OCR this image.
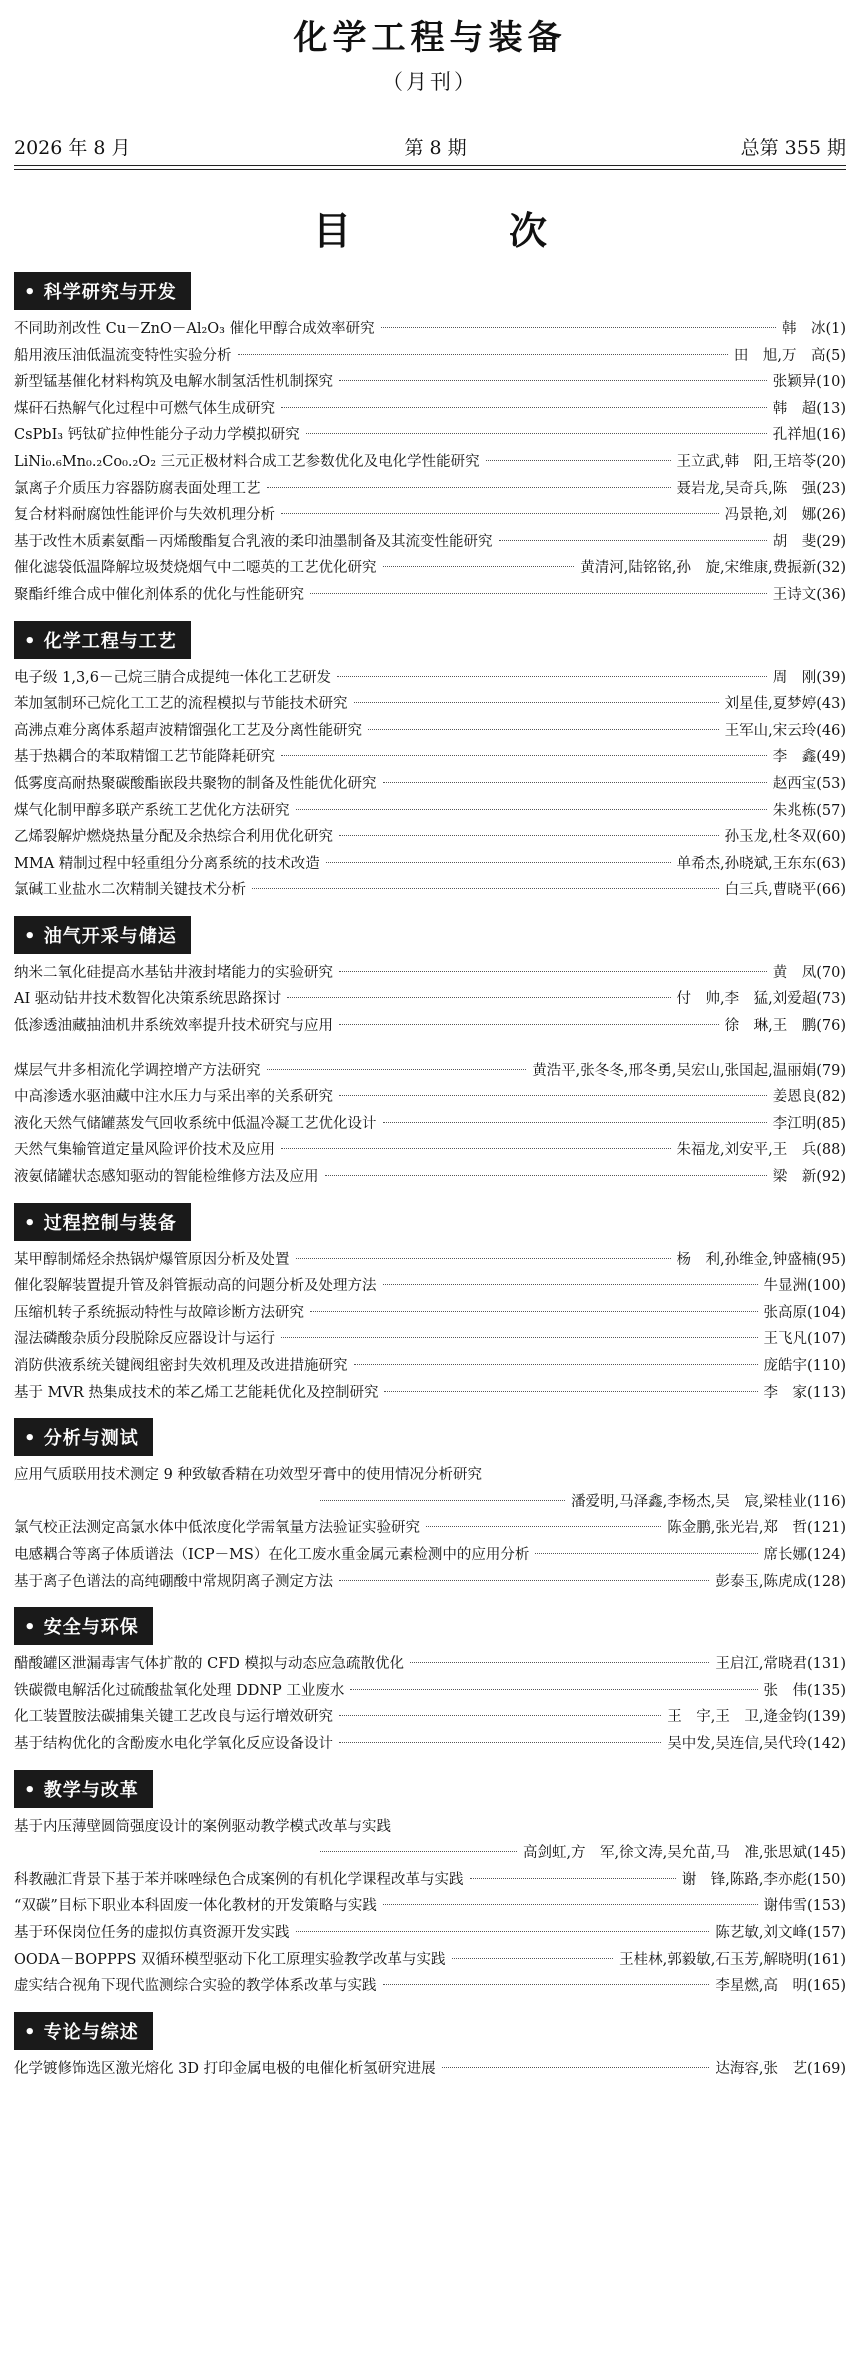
化学工程与装备
（月刊）
2026 年 8 月	第 8 期	总第 355 期
目　次
• 科学研究与开发
不同助剂改性 Cu－ZnO－Al₂O₃ 催化甲醇合成效率研究	韩　冰(1)
船用液压油低温流变特性实验分析	田　旭,万　高(5)
新型锰基催化材料构筑及电解水制氢活性机制探究	张颖异(10)
煤矸石热解气化过程中可燃气体生成研究	韩　超(13)
CsPbI₃ 钙钛矿拉伸性能分子动力学模拟研究	孔祥旭(16)
LiNi₀.₆Mn₀.₂Co₀.₂O₂ 三元正极材料合成工艺参数优化及电化学性能研究	王立武,韩　阳,王培苓(20)
氯离子介质压力容器防腐表面处理工艺	聂岩龙,吴奇兵,陈　强(23)
复合材料耐腐蚀性能评价与失效机理分析	冯景艳,刘　娜(26)
基于改性木质素氨酯－丙烯酸酯复合乳液的柔印油墨制备及其流变性能研究	胡　斐(29)
催化滤袋低温降解垃圾焚烧烟气中二噁英的工艺优化研究	黄清河,陆铭铭,孙　旋,宋维康,费振新(32)
聚酯纤维合成中催化剂体系的优化与性能研究	王诗文(36)
• 化学工程与工艺
电子级 1,3,6－己烷三腈合成提纯一体化工艺研发	周　刚(39)
苯加氢制环己烷化工工艺的流程模拟与节能技术研究	刘星佳,夏梦婷(43)
高沸点难分离体系超声波精馏强化工艺及分离性能研究	王军山,宋云玲(46)
基于热耦合的苯取精馏工艺节能降耗研究	李　鑫(49)
低雾度高耐热聚碳酸酯嵌段共聚物的制备及性能优化研究	赵西宝(53)
煤气化制甲醇多联产系统工艺优化方法研究	朱兆栋(57)
乙烯裂解炉燃烧热量分配及余热综合利用优化研究	孙玉龙,杜冬双(60)
MMA 精制过程中轻重组分分离系统的技术改造	单希杰,孙晓斌,王东东(63)
氯碱工业盐水二次精制关键技术分析	白三兵,曹晓平(66)
• 油气开采与储运
纳米二氧化硅提高水基钻井液封堵能力的实验研究	黄　凤(70)
AI 驱动钻井技术数智化决策系统思路探讨	付　帅,李　猛,刘爱超(73)
低渗透油藏抽油机井系统效率提升技术研究与应用	徐　琳,王　鹏(76)
煤层气井多相流化学调控增产方法研究	黄浩平,张冬冬,邢冬勇,吴宏山,张国起,温丽娟(79)
中高渗透水驱油藏中注水压力与采出率的关系研究	姜恩良(82)
液化天然气储罐蒸发气回收系统中低温冷凝工艺优化设计	李江明(85)
天然气集输管道定量风险评价技术及应用	朱福龙,刘安平,王　兵(88)
液氨储罐状态感知驱动的智能检维修方法及应用	梁　新(92)
• 过程控制与装备
某甲醇制烯烃余热锅炉爆管原因分析及处置	杨　利,孙维金,钟盛楠(95)
催化裂解装置提升管及斜管振动高的问题分析及处理方法	牛显洲(100)
压缩机转子系统振动特性与故障诊断方法研究	张高原(104)
湿法磷酸杂质分段脱除反应器设计与运行	王飞凡(107)
消防供液系统关键阀组密封失效机理及改进措施研究	庞皓宇(110)
基于 MVR 热集成技术的苯乙烯工艺能耗优化及控制研究	李　家(113)
• 分析与测试
应用气质联用技术测定 9 种致敏香精在功效型牙膏中的使用情况分析研究
潘爱明,马泽鑫,李杨杰,吴　宸,梁桂业(116)
氯气校正法测定高氯水体中低浓度化学需氧量方法验证实验研究	陈金鹏,张光岩,郑　哲(121)
电感耦合等离子体质谱法（ICP－MS）在化工废水重金属元素检测中的应用分析	席长娜(124)
基于离子色谱法的高纯硼酸中常规阴离子测定方法	彭泰玉,陈虎成(128)
• 安全与环保
醋酸罐区泄漏毒害气体扩散的 CFD 模拟与动态应急疏散优化	王启江,常晓君(131)
铁碳微电解活化过硫酸盐氧化处理 DDNP 工业废水	张　伟(135)
化工装置胺法碳捕集关键工艺改良与运行增效研究	王　宇,王　卫,逄金钧(139)
基于结构优化的含酚废水电化学氧化反应设备设计	吴中发,吴连信,吴代玲(142)
• 教学与改革
基于内压薄壁圆筒强度设计的案例驱动教学模式改革与实践
高剑虹,方　军,徐文涛,吴允苗,马　准,张思斌(145)
科教融汇背景下基于苯并咪唑绿色合成案例的有机化学课程改革与实践	谢　锋,陈路,李亦彪(150)
“双碳”目标下职业本科固废一体化教材的开发策略与实践	谢伟雪(153)
基于环保岗位任务的虚拟仿真资源开发实践	陈艺敏,刘文峰(157)
OODA－BOPPPS 双循环模型驱动下化工原理实验教学改革与实践	王桂林,郭毅敏,石玉芳,解晓明(161)
虚实结合视角下现代监测综合实验的教学体系改革与实践	李星燃,高　明(165)
• 专论与综述
化学镀修饰选区激光熔化 3D 打印金属电极的电催化析氢研究进展	达海容,张　艺(169)
